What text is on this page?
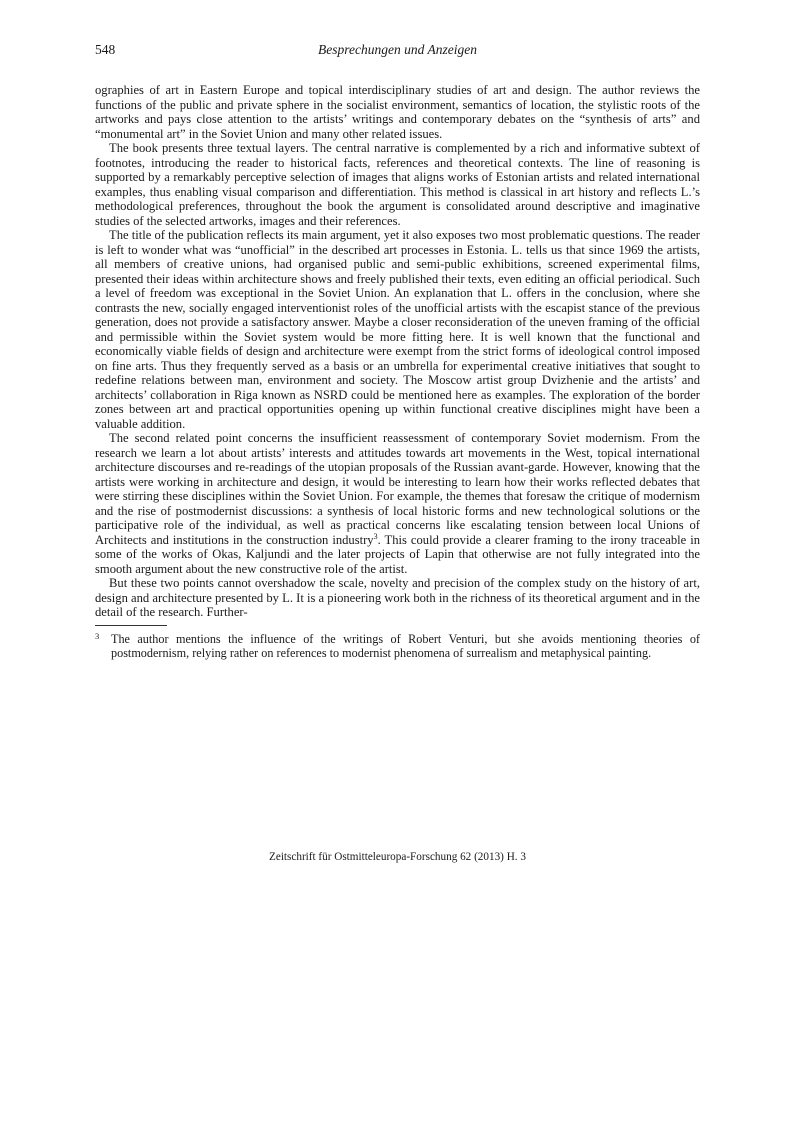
548	Besprechungen und Anzeigen

ographies of art in Eastern Europe and topical interdisciplinary studies of art and design. The author reviews the functions of the public and private sphere in the socialist environment, semantics of location, the stylistic roots of the artworks and pays close attention to the artists’ writings and contemporary debates on the “synthesis of arts” and “monumental art” in the Soviet Union and many other related issues.

The book presents three textual layers. The central narrative is complemented by a rich and informative subtext of footnotes, introducing the reader to historical facts, references and theoretical contexts. The line of reasoning is supported by a remarkably perceptive selection of images that aligns works of Estonian artists and related international examples, thus enabling visual comparison and differentiation. This method is classical in art history and reflects L.’s methodological preferences, throughout the book the argument is consolidated around descriptive and imaginative studies of the selected artworks, images and their references.

The title of the publication reflects its main argument, yet it also exposes two most problematic questions. The reader is left to wonder what was “unofficial” in the described art processes in Estonia. L. tells us that since 1969 the artists, all members of creative unions, had organised public and semi-public exhibitions, screened experimental films, presented their ideas within architecture shows and freely published their texts, even editing an official periodical. Such a level of freedom was exceptional in the Soviet Union. An explanation that L. offers in the conclusion, where she contrasts the new, socially engaged interventionist roles of the unofficial artists with the escapist stance of the previous generation, does not provide a satisfactory answer. Maybe a closer reconsideration of the uneven framing of the official and permissible within the Soviet system would be more fitting here. It is well known that the functional and economically viable fields of design and architecture were exempt from the strict forms of ideological control imposed on fine arts. Thus they frequently served as a basis or an umbrella for experimental creative initiatives that sought to redefine relations between man, environment and society. The Moscow artist group Dvizhenie and the artists’ and architects’ collaboration in Riga known as NSRD could be mentioned here as examples. The exploration of the border zones between art and practical opportunities opening up within functional creative disciplines might have been a valuable addition.

The second related point concerns the insufficient reassessment of contemporary Soviet modernism. From the research we learn a lot about artists’ interests and attitudes towards art movements in the West, topical international architecture discourses and re-readings of the utopian proposals of the Russian avant-garde. However, knowing that the artists were working in architecture and design, it would be interesting to learn how their works reflected debates that were stirring these disciplines within the Soviet Union. For example, the themes that foresaw the critique of modernism and the rise of postmodernist discussions: a synthesis of local historic forms and new technological solutions or the participative role of the individual, as well as practical concerns like escalating tension between local Unions of Architects and institutions in the construction industry$^3$. This could provide a clearer framing to the irony traceable in some of the works of Okas, Kaljundi and the later projects of Lapin that otherwise are not fully integrated into the smooth argument about the new constructive role of the artist.

But these two points cannot overshadow the scale, novelty and precision of the complex study on the history of art, design and architecture presented by L. It is a pioneering work both in the richness of its theoretical argument and in the detail of the research. Further-

3 The author mentions the influence of the writings of Robert Venturi, but she avoids mentioning theories of postmodernism, relying rather on references to modernist phenomena of surrealism and metaphysical painting.
Zeitschrift für Ostmitteleuropa-Forschung 62 (2013) H. 3
